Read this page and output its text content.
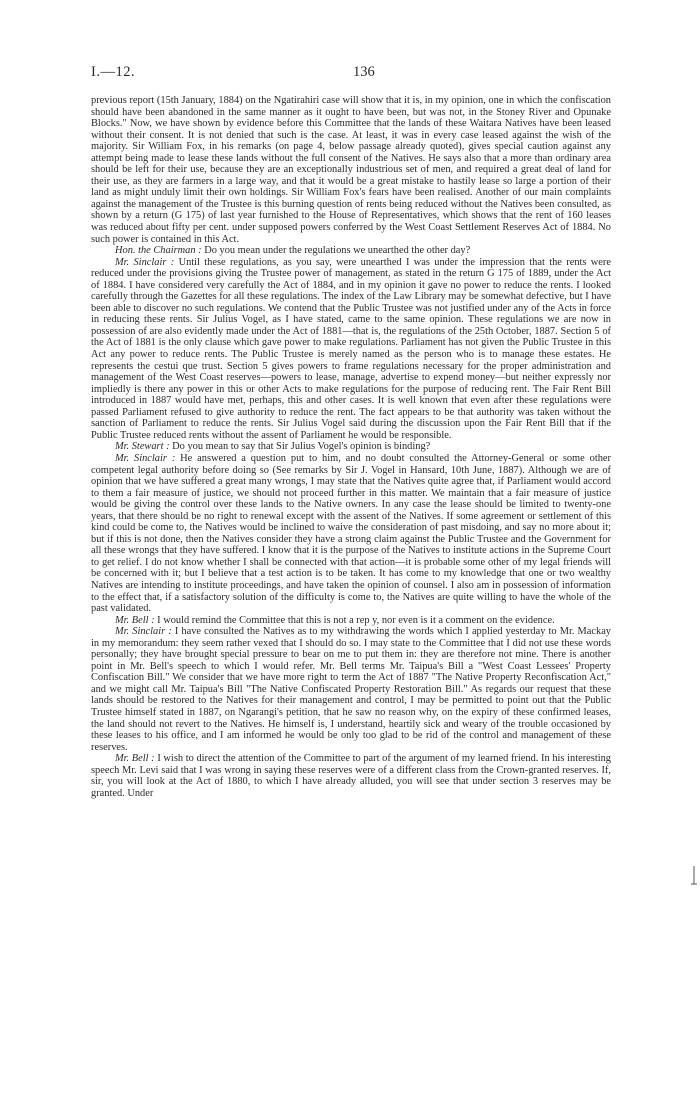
I.—12.	136

previous report (15th January, 1884) on the Ngatirahiri case will show that it is, in my opinion, one in which the confiscation should have been abandoned in the same manner as it ought to have been, but was not, in the Stoney River and Opunake Blocks." Now, we have shown by evidence before this Committee that the lands of these Waitara Natives have been leased without their consent. It is not denied that such is the case. At least, it was in every case leased against the wish of the majority. Sir William Fox, in his remarks (on page 4, below passage already quoted), gives special caution against any attempt being made to lease these lands without the full consent of the Natives. He says also that a more than ordinary area should be left for their use, because they are an exceptionally industrious set of men, and required a great deal of land for their use, as they are farmers in a large way, and that it would be a great mistake to hastily lease so large a portion of their land as might unduly limit their own holdings. Sir William Fox's fears have been realised. Another of our main complaints against the management of the Trustee is this burning question of rents being reduced without the Natives been consulted, as shown by a return (G 175) of last year furnished to the House of Representatives, which shows that the rent of 160 leases was reduced about fifty per cent. under supposed powers conferred by the West Coast Settlement Reserves Act of 1884. No such power is contained in this Act.

Hon. the Chairman : Do you mean under the regulations we unearthed the other day?

Mr. Sinclair : Until these regulations, as you say, were unearthed I was under the impression that the rents were reduced under the provisions giving the Trustee power of management, as stated in the return G 175 of 1889, under the Act of 1884. I have considered very carefully the Act of 1884, and in my opinion it gave no power to reduce the rents. I looked carefully through the Gazettes for all these regulations. The index of the Law Library may be somewhat defective, but I have been able to discover no such regulations. We contend that the Public Trustee was not justified under any of the Acts in force in reducing these rents. Sir Julius Vogel, as I have stated, came to the same opinion. These regulations we are now in possession of are also evidently made under the Act of 1881—that is, the regulations of the 25th October, 1887. Section 5 of the Act of 1881 is the only clause which gave power to make regulations. Parliament has not given the Public Trustee in this Act any power to reduce rents. The Public Trustee is merely named as the person who is to manage these estates. He represents the cestui que trust. Section 5 gives powers to frame regulations necessary for the proper administration and management of the West Coast reserves—powers to lease, manage, advertise to expend money—but neither expressly nor impliedly is there any power in this or other Acts to make regulations for the purpose of reducing rent. The Fair Rent Bill introduced in 1887 would have met, perhaps, this and other cases. It is well known that even after these regulations were passed Parliament refused to give authority to reduce the rent. The fact appears to be that authority was taken without the sanction of Parliament to reduce the rents. Sir Julius Vogel said during the discussion upon the Fair Rent Bill that if the Public Trustee reduced rents without the assent of Parliament he would be responsible.

Mr. Stewart : Do you mean to say that Sir Julius Vogel's opinion is binding?

Mr. Sinclair : He answered a question put to him, and no doubt consulted the Attorney-General or some other competent legal authority before doing so (See remarks by Sir J. Vogel in Hansard, 10th June, 1887). Although we are of opinion that we have suffered a great many wrongs, I may state that the Natives quite agree that, if Parliament would accord to them a fair measure of justice, we should not proceed further in this matter. We maintain that a fair measure of justice would be giving the control over these lands to the Native owners. In any case the lease should be limited to twenty-one years, that there should be no right to renewal except with the assent of the Natives. If some agreement or settlement of this kind could be come to, the Natives would be inclined to waive the consideration of past misdoing, and say no more about it; but if this is not done, then the Natives consider they have a strong claim against the Public Trustee and the Government for all these wrongs that they have suffered. I know that it is the purpose of the Natives to institute actions in the Supreme Court to get relief. I do not know whether I shall be connected with that action—it is probable some other of my legal friends will be concerned with it; but I believe that a test action is to be taken. It has come to my knowledge that one or two wealthy Natives are intending to institute proceedings, and have taken the opinion of counsel. I also am in possession of information to the effect that, if a satisfactory solution of the difficulty is come to, the Natives are quite willing to have the whole of the past validated.

Mr. Bell : I would remind the Committee that this is not a rep y, nor even is it a comment on the evidence.

Mr. Sinclair : I have consulted the Natives as to my withdrawing the words which I applied yesterday to Mr. Mackay in my memorandum: they seem rather vexed that I should do so. I may state to the Committee that I did not use these words personally; they have brought special pressure to bear on me to put them in: they are therefore not mine. There is another point in Mr. Bell's speech to which I would refer. Mr. Bell terms Mr. Taipua's Bill a "West Coast Lessees' Property Confiscation Bill." We consider that we have more right to term the Act of 1887 "The Native Property Reconfiscation Act," and we might call Mr. Taipua's Bill "The Native Confiscated Property Restoration Bill." As regards our request that these lands should be restored to the Natives for their management and control, I may be permitted to point out that the Public Trustee himself stated in 1887, on Ngarangi's petition, that he saw no reason why, on the expiry of these confirmed leases, the land should not revert to the Natives. He himself is, I understand, heartily sick and weary of the trouble occasioned by these leases to his office, and I am informed he would be only too glad to be rid of the control and management of these reserves.

Mr. Bell : I wish to direct the attention of the Committee to part of the argument of my learned friend. In his interesting speech Mr. Levi said that I was wrong in saying these reserves were of a different class from the Crown-granted reserves. If, sir, you will look at the Act of 1880, to which I have already alluded, you will see that under section 3 reserves may be granted. Under
